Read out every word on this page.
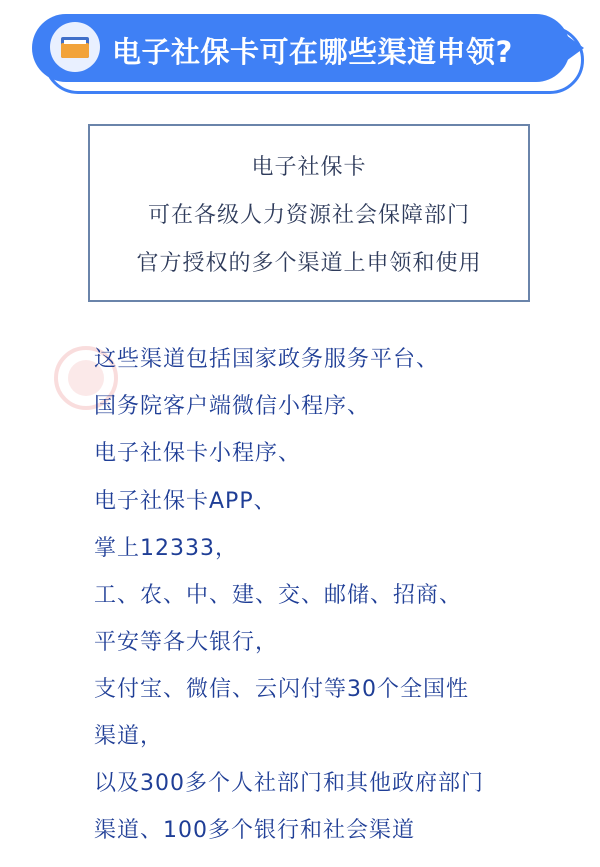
电子社保卡可在哪些渠道申领?
电子社保卡
可在各级人力资源社会保障部门
官方授权的多个渠道上申领和使用
这些渠道包括国家政务服务平台、
国务院客户端微信小程序、
电子社保卡小程序、
电子社保卡APP、
掌上12333，
工、农、中、建、交、邮储、招商、
平安等各大银行，
支付宝、微信、云闪付等30个全国性
渠道，
以及300多个人社部门和其他政府部门
渠道、100多个银行和社会渠道
